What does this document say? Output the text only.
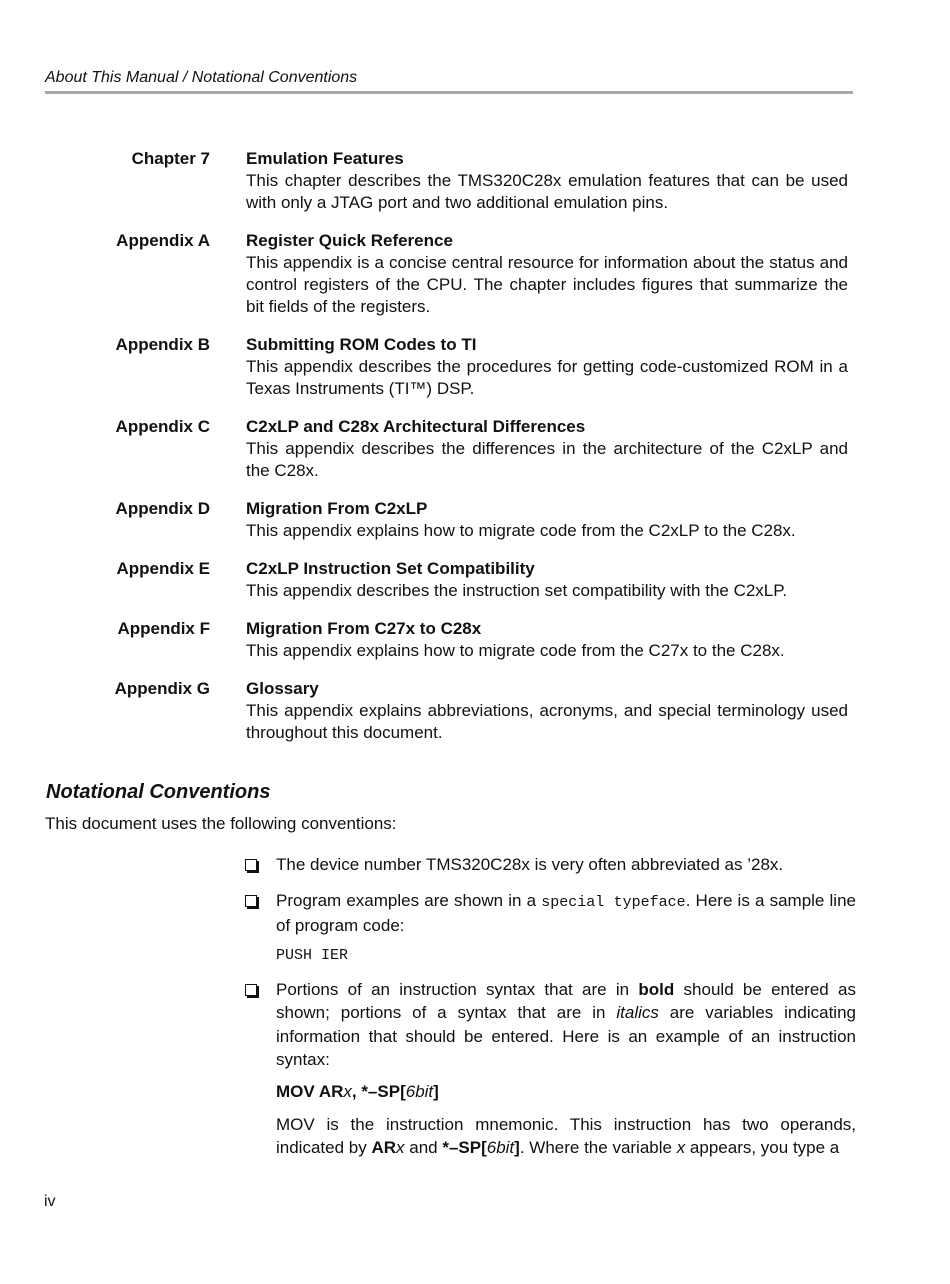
About This Manual / Notational Conventions
Chapter 7 Emulation Features
This chapter describes the TMS320C28x emulation features that can be used with only a JTAG port and two additional emulation pins.
Appendix A Register Quick Reference
This appendix is a concise central resource for information about the status and control registers of the CPU. The chapter includes figures that summarize the bit fields of the registers.
Appendix B Submitting ROM Codes to TI
This appendix describes the procedures for getting code-customized ROM in a Texas Instruments (TI™) DSP.
Appendix C C2xLP and C28x Architectural Differences
This appendix describes the differences in the architecture of the C2xLP and the C28x.
Appendix D Migration From C2xLP
This appendix explains how to migrate code from the C2xLP to the C28x.
Appendix E C2xLP Instruction Set Compatibility
This appendix describes the instruction set compatibility with the C2xLP.
Appendix F Migration From C27x to C28x
This appendix explains how to migrate code from the C27x to the C28x.
Appendix G Glossary
This appendix explains abbreviations, acronyms, and special terminology used throughout this document.
Notational Conventions
This document uses the following conventions:
The device number TMS320C28x is very often abbreviated as ’28x.
Program examples are shown in a special typeface. Here is a sample line of program code:
PUSH IER
Portions of an instruction syntax that are in bold should be entered as shown; portions of a syntax that are in italics are variables indicating information that should be entered. Here is an example of an instruction syntax:
MOV ARx, *–SP[6bit]
MOV is the instruction mnemonic. This instruction has two operands, indicated by ARx and *–SP[6bit]. Where the variable x appears, you type a
iv
